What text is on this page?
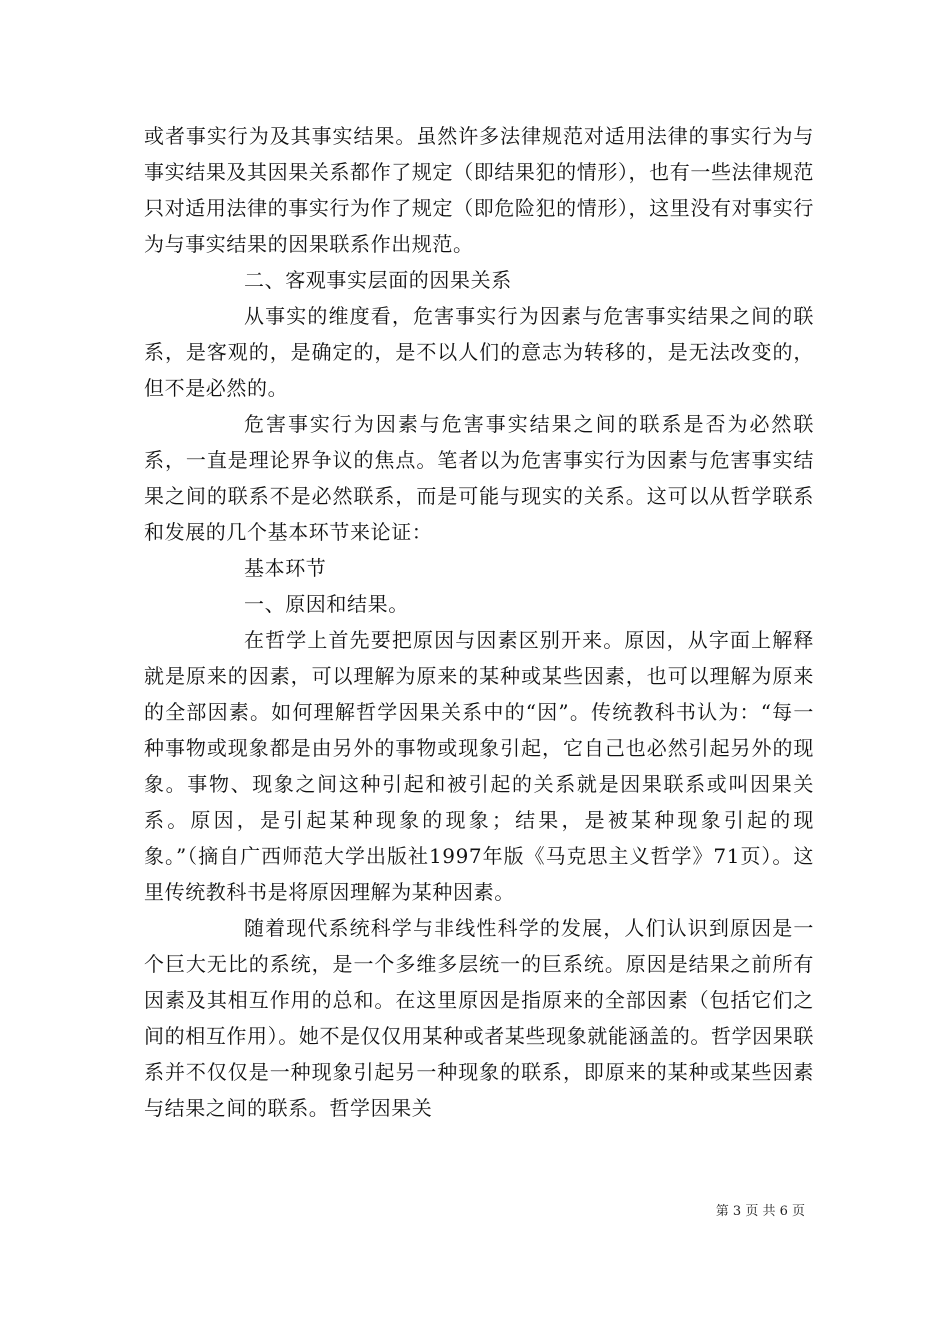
或者事实行为及其事实结果。虽然许多法律规范对适用法律的事实行为与事实结果及其因果关系都作了规定（即结果犯的情形），也有一些法律规范只对适用法律的事实行为作了规定（即危险犯的情形），这里没有对事实行为与事实结果的因果联系作出规范。

二、客观事实层面的因果关系

从事实的维度看，危害事实行为因素与危害事实结果之间的联系，是客观的，是确定的，是不以人们的意志为转移的，是无法改变的，但不是必然的。

危害事实行为因素与危害事实结果之间的联系是否为必然联系，一直是理论界争议的焦点。笔者以为危害事实行为因素与危害事实结果之间的联系不是必然联系，而是可能与现实的关系。这可以从哲学联系和发展的几个基本环节来论证：

基本环节

一、原因和结果。

在哲学上首先要把原因与因素区别开来。原因，从字面上解释就是原来的因素，可以理解为原来的某种或某些因素，也可以理解为原来的全部因素。如何理解哲学因果关系中的“因”。传统教科书认为：“每一种事物或现象都是由另外的事物或现象引起，它自己也必然引起另外的现象。事物、现象之间这种引起和被引起的关系就是因果联系或叫因果关系。原因，是引起某种现象的现象；结果，是被某种现象引起的现象。”（摘自广西师范大学出版社1997年版《马克思主义哲学》71页）。这里传统教科书是将原因理解为某种因素。

随着现代系统科学与非线性科学的发展，人们认识到原因是一个巨大无比的系统，是一个多维多层统一的巨系统。原因是结果之前所有因素及其相互作用的总和。在这里原因是指原来的全部因素（包括它们之间的相互作用）。她不是仅仅用某种或者某些现象就能涵盖的。哲学因果联系并不仅仅是一种现象引起另一种现象的联系，即原来的某种或某些因素与结果之间的联系。哲学因果关

第 3 页 共 6 页
